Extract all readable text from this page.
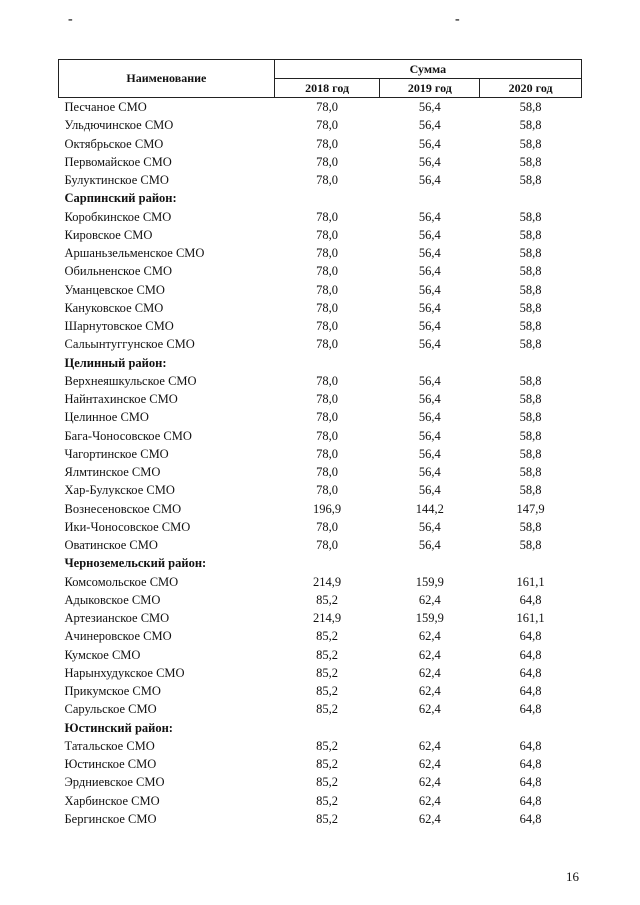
-	-
Наименование	Сумма		
	2018 год	2019 год	2020 год
Песчаное СМО	78,0	56,4	58,8
Ульдючинское СМО	78,0	56,4	58,8
Октябрьское СМО	78,0	56,4	58,8
Первомайское СМО	78,0	56,4	58,8
Булуктинское СМО	78,0	56,4	58,8
Сарпинский район:			
Коробкинское СМО	78,0	56,4	58,8
Кировское СМО	78,0	56,4	58,8
Аршаньзельменское СМО	78,0	56,4	58,8
Обильненское СМО	78,0	56,4	58,8
Уманцевское СМО	78,0	56,4	58,8
Кануковское СМО	78,0	56,4	58,8
Шарнутовское СМО	78,0	56,4	58,8
Сальынтуггунское СМО	78,0	56,4	58,8
Целинный район:			
Верхнеяшкульское СМО	78,0	56,4	58,8
Найнтахинское СМО	78,0	56,4	58,8
Целинное СМО	78,0	56,4	58,8
Бага-Чоносовское СМО	78,0	56,4	58,8
Чагортинское СМО	78,0	56,4	58,8
Ялмтинское СМО	78,0	56,4	58,8
Хар-Булукское СМО	78,0	56,4	58,8
Вознесеновское СМО	196,9	144,2	147,9
Ики-Чоносовское СМО	78,0	56,4	58,8
Оватинское СМО	78,0	56,4	58,8
Черноземельский район:			
Комсомольское СМО	214,9	159,9	161,1
Адыковское СМО	85,2	62,4	64,8
Артезианское СМО	214,9	159,9	161,1
Ачинеровское СМО	85,2	62,4	64,8
Кумское СМО	85,2	62,4	64,8
Нарынхудукское СМО	85,2	62,4	64,8
Прикумское СМО	85,2	62,4	64,8
Сарульское СМО	85,2	62,4	64,8
Юстинский район:			
Татальское СМО	85,2	62,4	64,8
Юстинское СМО	85,2	62,4	64,8
Эрдниевское СМО	85,2	62,4	64,8
Харбинское СМО	85,2	62,4	64,8
Бергинское СМО	85,2	62,4	64,8
16
